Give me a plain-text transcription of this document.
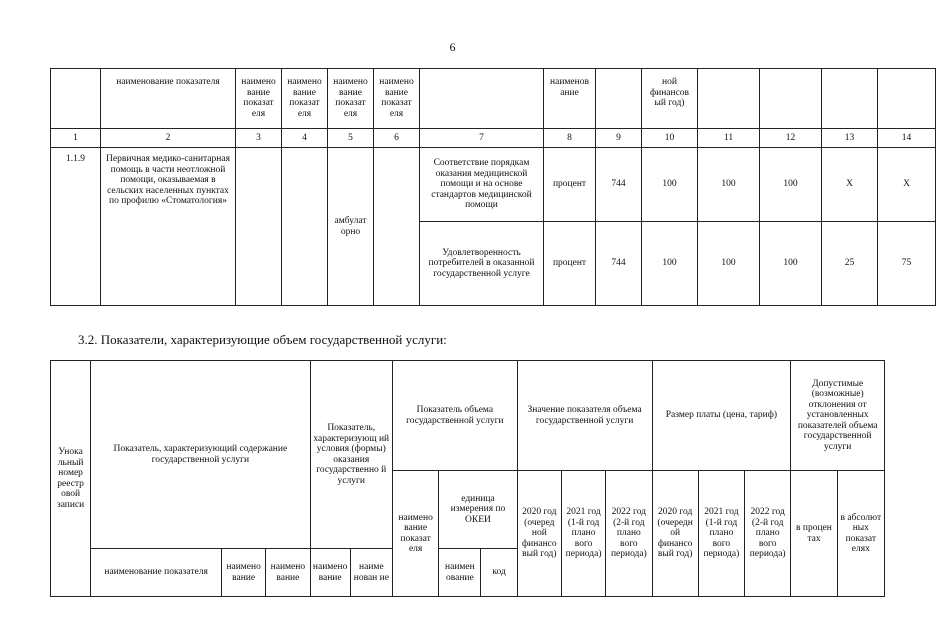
6
	наименование показателя	наимено вание показат еля	наимено вание показат еля	наимено вание показат еля	наимено вание показат еля		наименов ание		ной финансов ый год)				
1	2	3	4	5	6	7	8	9	10	11	12	13	14
1.1.9	Первичная медико-санитарная помощь в части неотложной помощи, оказываемая в сельских населенных пунктах по профилю «Стоматология»			амбулат орно		Соответствие порядкам оказания медицинской помощи и на основе стандартов медицинской помощи	процент	744	100	100	100	Х	Х
						Удовлетворенность потребителей в оказанной государственной услуге	процент	744	100	100	100	25	75
3.2. Показатели, характеризующие объем государственной услуги:
Унока льный номер реестр овой записи	Показатель, характеризующий содержание государственной услуги			Показатель, характеризующ ий условия (формы) оказания государственно й услуги		Показатель объема государственной услуги			Значение показателя объема государственной услуги			Размер платы (цена, тариф)			Допустимые (возможные) отклонения от установленных показателей объема государственной услуги	
						наимено вание показат еля	единица измерения по ОКЕИ		2020 год (очеред ной финансо вый год)	2021 год (1-й год плано вого периода)	2022 год (2-й год плано вого периода)	2020 год (очередн ой финансо вый год)	2021 год (1-й год плано вого периода)	2022 год (2-й год плано вого периода)	в процен тах	в абсолют ных показат елях
	наименование показателя	наимено вание	наимено вание	наимено вание	наиме нован ие		наимен ование	код								
